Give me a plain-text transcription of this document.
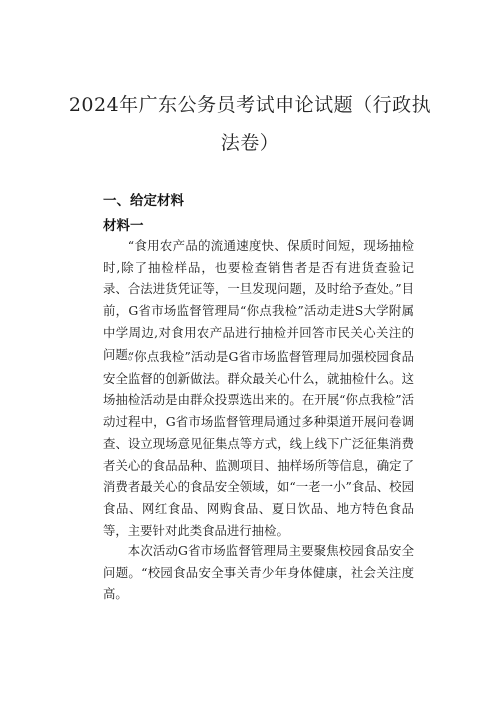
2024年广东公务员考试申论试题（行政执
法卷）
一、给定材料
材料一

“食用农产品的流通速度快、保质时间短，现场抽检时,除了抽检样品，也要检查销售者是否有进货查验记录、合法进货凭证等，一旦发现问题，及时给予查处。”目前，G省市场监督管理局“你点我检”活动走进S大学附属中学周边,对食用农产品进行抽检并回答市民关心关注的问题。

“你点我检”活动是G省市场监督管理局加强校园食品安全监督的创新做法。群众最关心什么，就抽检什么。这场抽检活动是由群众投票选出来的。在开展“你点我检”活动过程中，G省市场监督管理局通过多种渠道开展问卷调查、设立现场意见征集点等方式，线上线下广泛征集消费者关心的食品品种、监测项目、抽样场所等信息，确定了消费者最关心的食品安全领域，如“一老一小”食品、校园食品、网红食品、网购食品、夏日饮品、地方特色食品等，主要针对此类食品进行抽检。

本次活动G省市场监督管理局主要聚焦校园食品安全问题。“校园食品安全事关青少年身体健康，社会关注度高。
